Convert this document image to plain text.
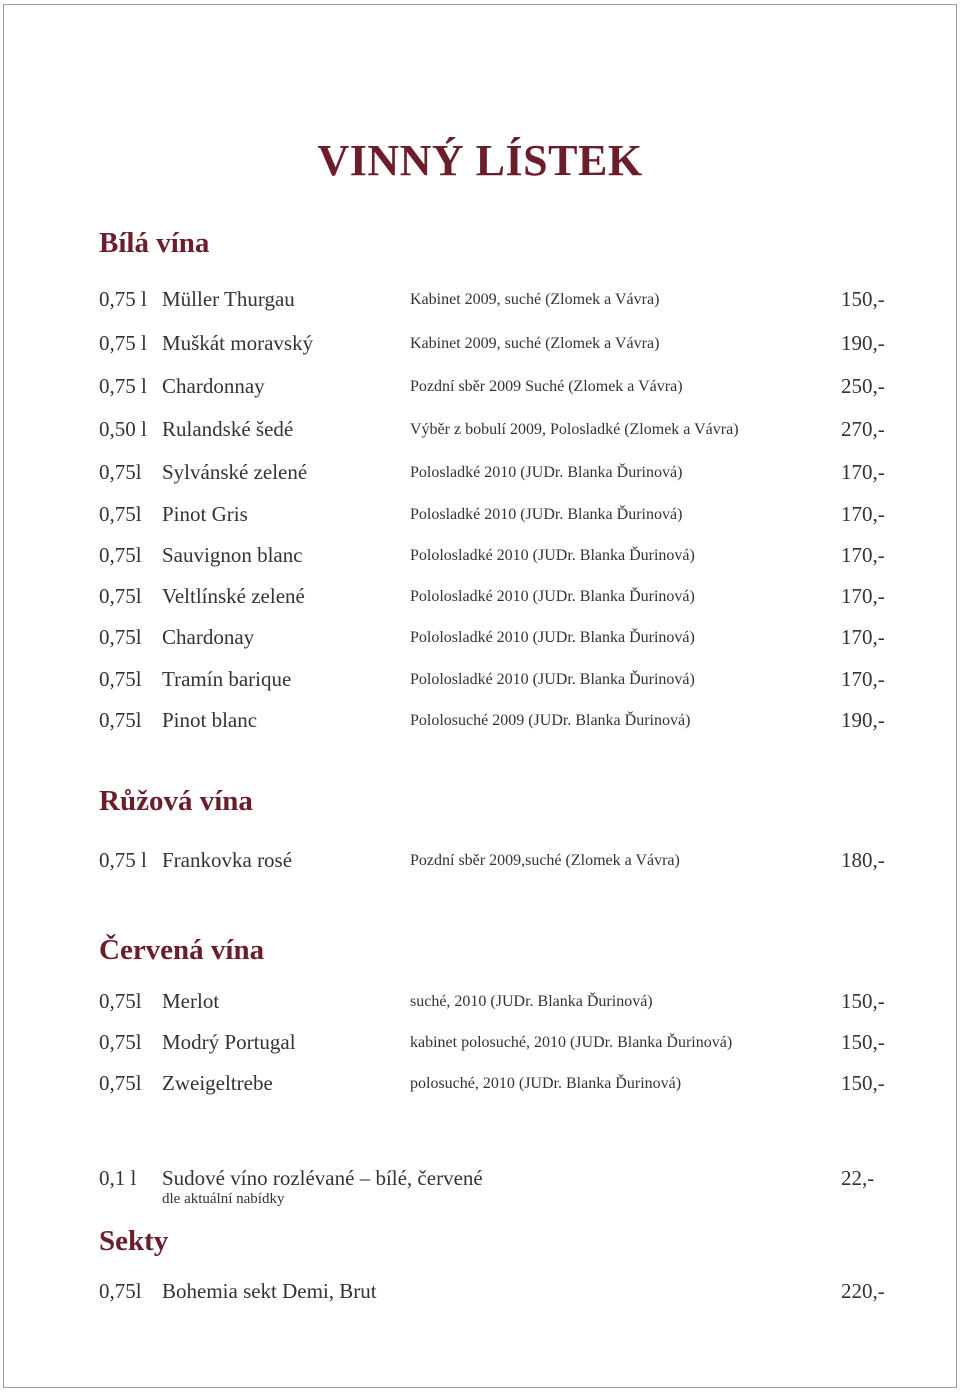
VINNÝ LÍSTEK
Bílá vína
0,75 l Müller Thurgau	Kabinet 2009, suché (Zlomek a Vávra)	150,-
0,75 l Muškát moravský	Kabinet 2009, suché (Zlomek a Vávra)	190,-
0,75 l Chardonnay	Pozdní sběr 2009 Suché (Zlomek a Vávra)	250,-
0,50 l Rulandské šedé	Výběr z bobulí 2009, Polosladké (Zlomek a Vávra)	270,-
0,75l Sylvánské zelené	Polosladké 2010 (JUDr. Blanka Ďurinová)	170,-
0,75l Pinot Gris	Polosladké 2010 (JUDr. Blanka Ďurinová)	170,-
0,75l Sauvignon blanc	Pololosladké 2010 (JUDr. Blanka Ďurinová)	170,-
0,75l Veltlínské zelené	Pololosladké 2010 (JUDr. Blanka Ďurinová)	170,-
0,75l Chardonay	Pololosladké 2010 (JUDr. Blanka Ďurinová)	170,-
0,75l Tramín barique	Pololosladké 2010 (JUDr. Blanka Ďurinová)	170,-
0,75l Pinot blanc	Pololosuché 2009 (JUDr. Blanka Ďurinová)	190,-
Růžová vína
0,75 l Frankovka rosé	Pozdní sběr 2009,suché (Zlomek a Vávra)	180,-
Červená vína
0,75l Merlot	suché, 2010 (JUDr. Blanka Ďurinová)	150,-
0,75l Modrý Portugal	kabinet polosuché, 2010 (JUDr. Blanka Ďurinová)	150,-
0,75l Zweigeltrebe	polosuché, 2010 (JUDr. Blanka Ďurinová)	150,-
0,1 l Sudové víno rozlévané – bílé, červené	22,-
dle aktuální nabídky
Sekty
0,75l Bohemia sekt Demi, Brut	220,-
